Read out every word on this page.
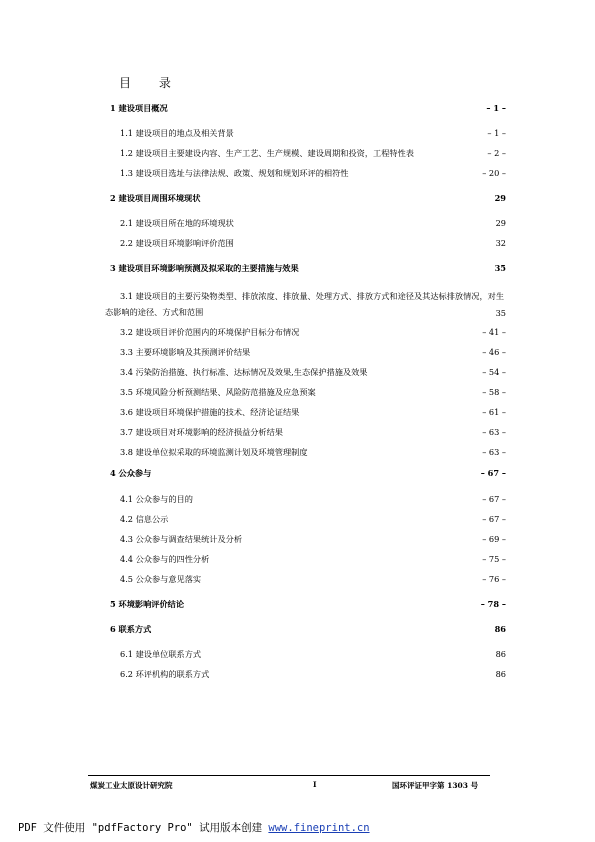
目 录
1 建设项目概况	– 1 –
1.1 建设项目的地点及相关背景	– 1 –
1.2 建设项目主要建设内容、生产工艺、生产规模、建设周期和投资，工程特性表	– 2 –
1.3 建设项目选址与法律法规、政策、规划和规划环评的相符性	– 20 –
2 建设项目周围环境现状	29
2.1 建设项目所在地的环境现状	29
2.2 建设项目环境影响评价范围	32
3 建设项目环境影响预测及拟采取的主要措施与效果	35
3.1 建设项目的主要污染物类型、排放浓度、排放量、处理方式、排放方式和途径及其达标排放情况，对生态影响的途径、方式和范围	35
3.2 建设项目评价范围内的环境保护目标分布情况	– 41 –
3.3 主要环境影响及其预测评价结果	– 46 –
3.4 污染防治措施、执行标准、达标情况及效果,生态保护措施及效果	– 54 –
3.5 环境风险分析预测结果、风险防范措施及应急预案	– 58 –
3.6 建设项目环境保护措施的技术、经济论证结果	– 61 –
3.7 建设项目对环境影响的经济损益分析结果	– 63 –
3.8 建设单位拟采取的环境监测计划及环境管理制度	– 63 –
4 公众参与	– 67 –
4.1 公众参与的目的	– 67 –
4.2 信息公示	– 67 –
4.3 公众参与调查结果统计及分析	– 69 –
4.4 公众参与的四性分析	– 75 –
4.5 公众参与意见落实	– 76 –
5 环境影响评价结论	– 78 –
6 联系方式	86
6.1 建设单位联系方式	86
6.2 环评机构的联系方式	86
煤炭工业太原设计研究院	I	国环评证甲字第 1303 号
PDF 文件使用 "pdfFactory Pro" 试用版本创建 www.fineprint.cn
